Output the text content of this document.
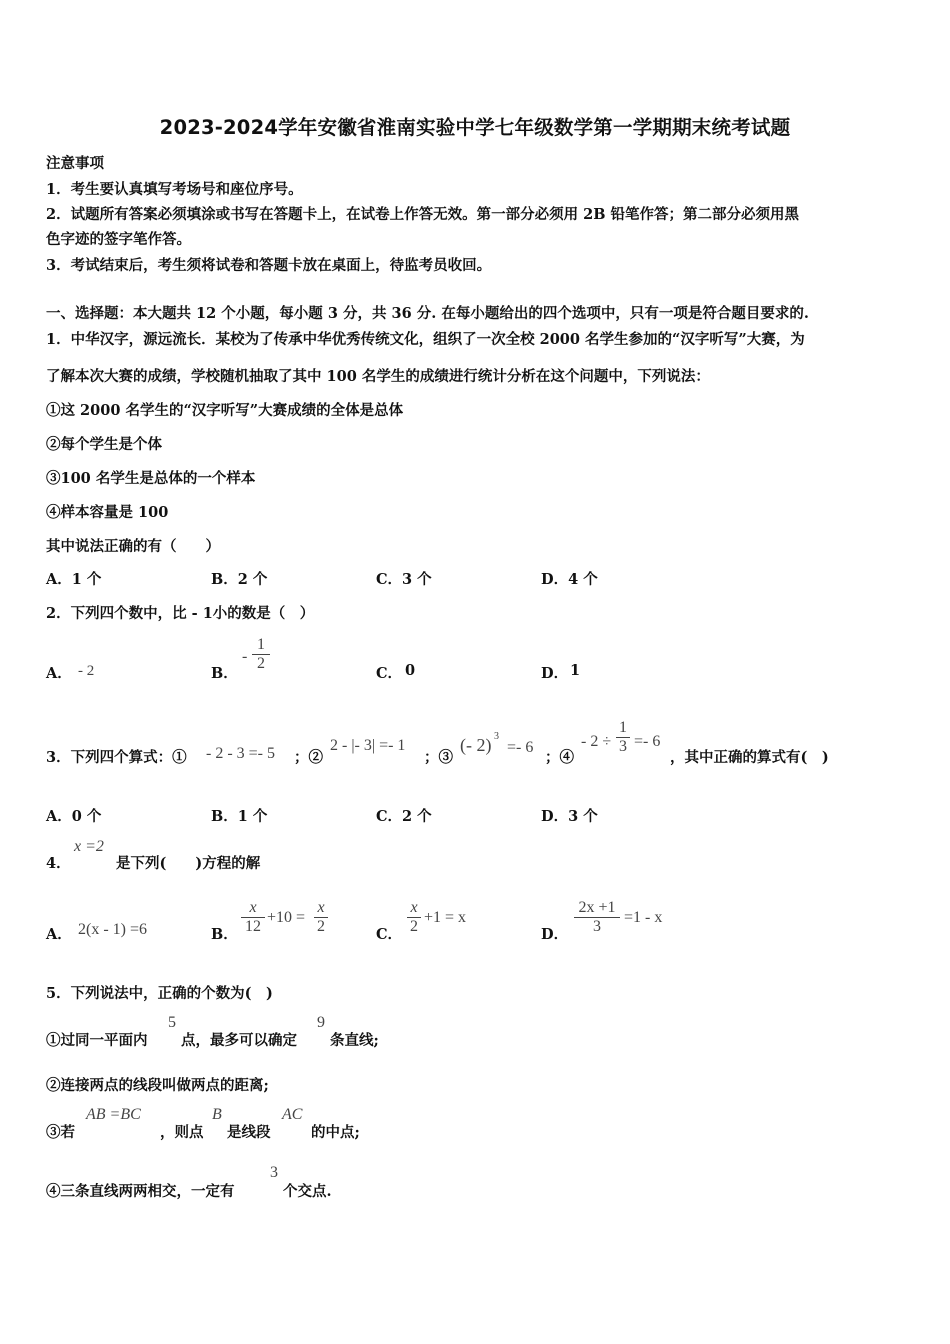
2023-2024学年安徽省淮南实验中学七年级数学第一学期期末统考试题
注意事项
1．考生要认真填写考场号和座位序号。
2．试题所有答案必须填涂或书写在答题卡上，在试卷上作答无效。第一部分必须用 2B 铅笔作答；第二部分必须用黑
色字迹的签字笔作答。
3．考试结束后，考生须将试卷和答题卡放在桌面上，待监考员收回。
一、选择题：本大题共 12 个小题，每小题 3 分，共 36 分. 在每小题给出的四个选项中，只有一项是符合题目要求的.
1．中华汉字，源远流长．某校为了传承中华优秀传统文化，组织了一次全校 2000 名学生参加的“汉字听写”大赛，为
了解本次大赛的成绩，学校随机抽取了其中 100 名学生的成绩进行统计分析在这个问题中，下列说法：
①这 2000 名学生的“汉字听写”大赛成绩的全体是总体
②每个学生是个体
③100 名学生是总体的一个样本
④样本容量是 100
其中说法正确的有（　　）
A．1 个	B．2 个	C．3 个	D．4 个
2．下列四个数中，比 - 1小的数是（　）
A． - 2	B．
-
1
2
C． 0	D． 1
3．下列四个算式：① - 2 - 3 =- 5 ；②
2 - |- 3| =- 1
；③
(- 2) 3
=- 6
；④
- 2 ÷
1
3 =- 6
，其中正确的算式有(　)
A．0 个	B．1 个	C．2 个	D．3 个
4．
x =2
是下列(　　)方程的解
A． 2(x - 1) =6	B．
x
12
+10 =
x
2	C．
x
2
+1 = x
D．
2x +1
3
=1 - x
5．下列说法中，正确的个数为(　)
①过同一平面内
5
点，最多可以确定
9
条直线;
②连接两点的线段叫做两点的距离;
③若
AB =BC
，则点
B
是线段
AC
的中点;
④三条直线两两相交，一定有
3
个交点.
